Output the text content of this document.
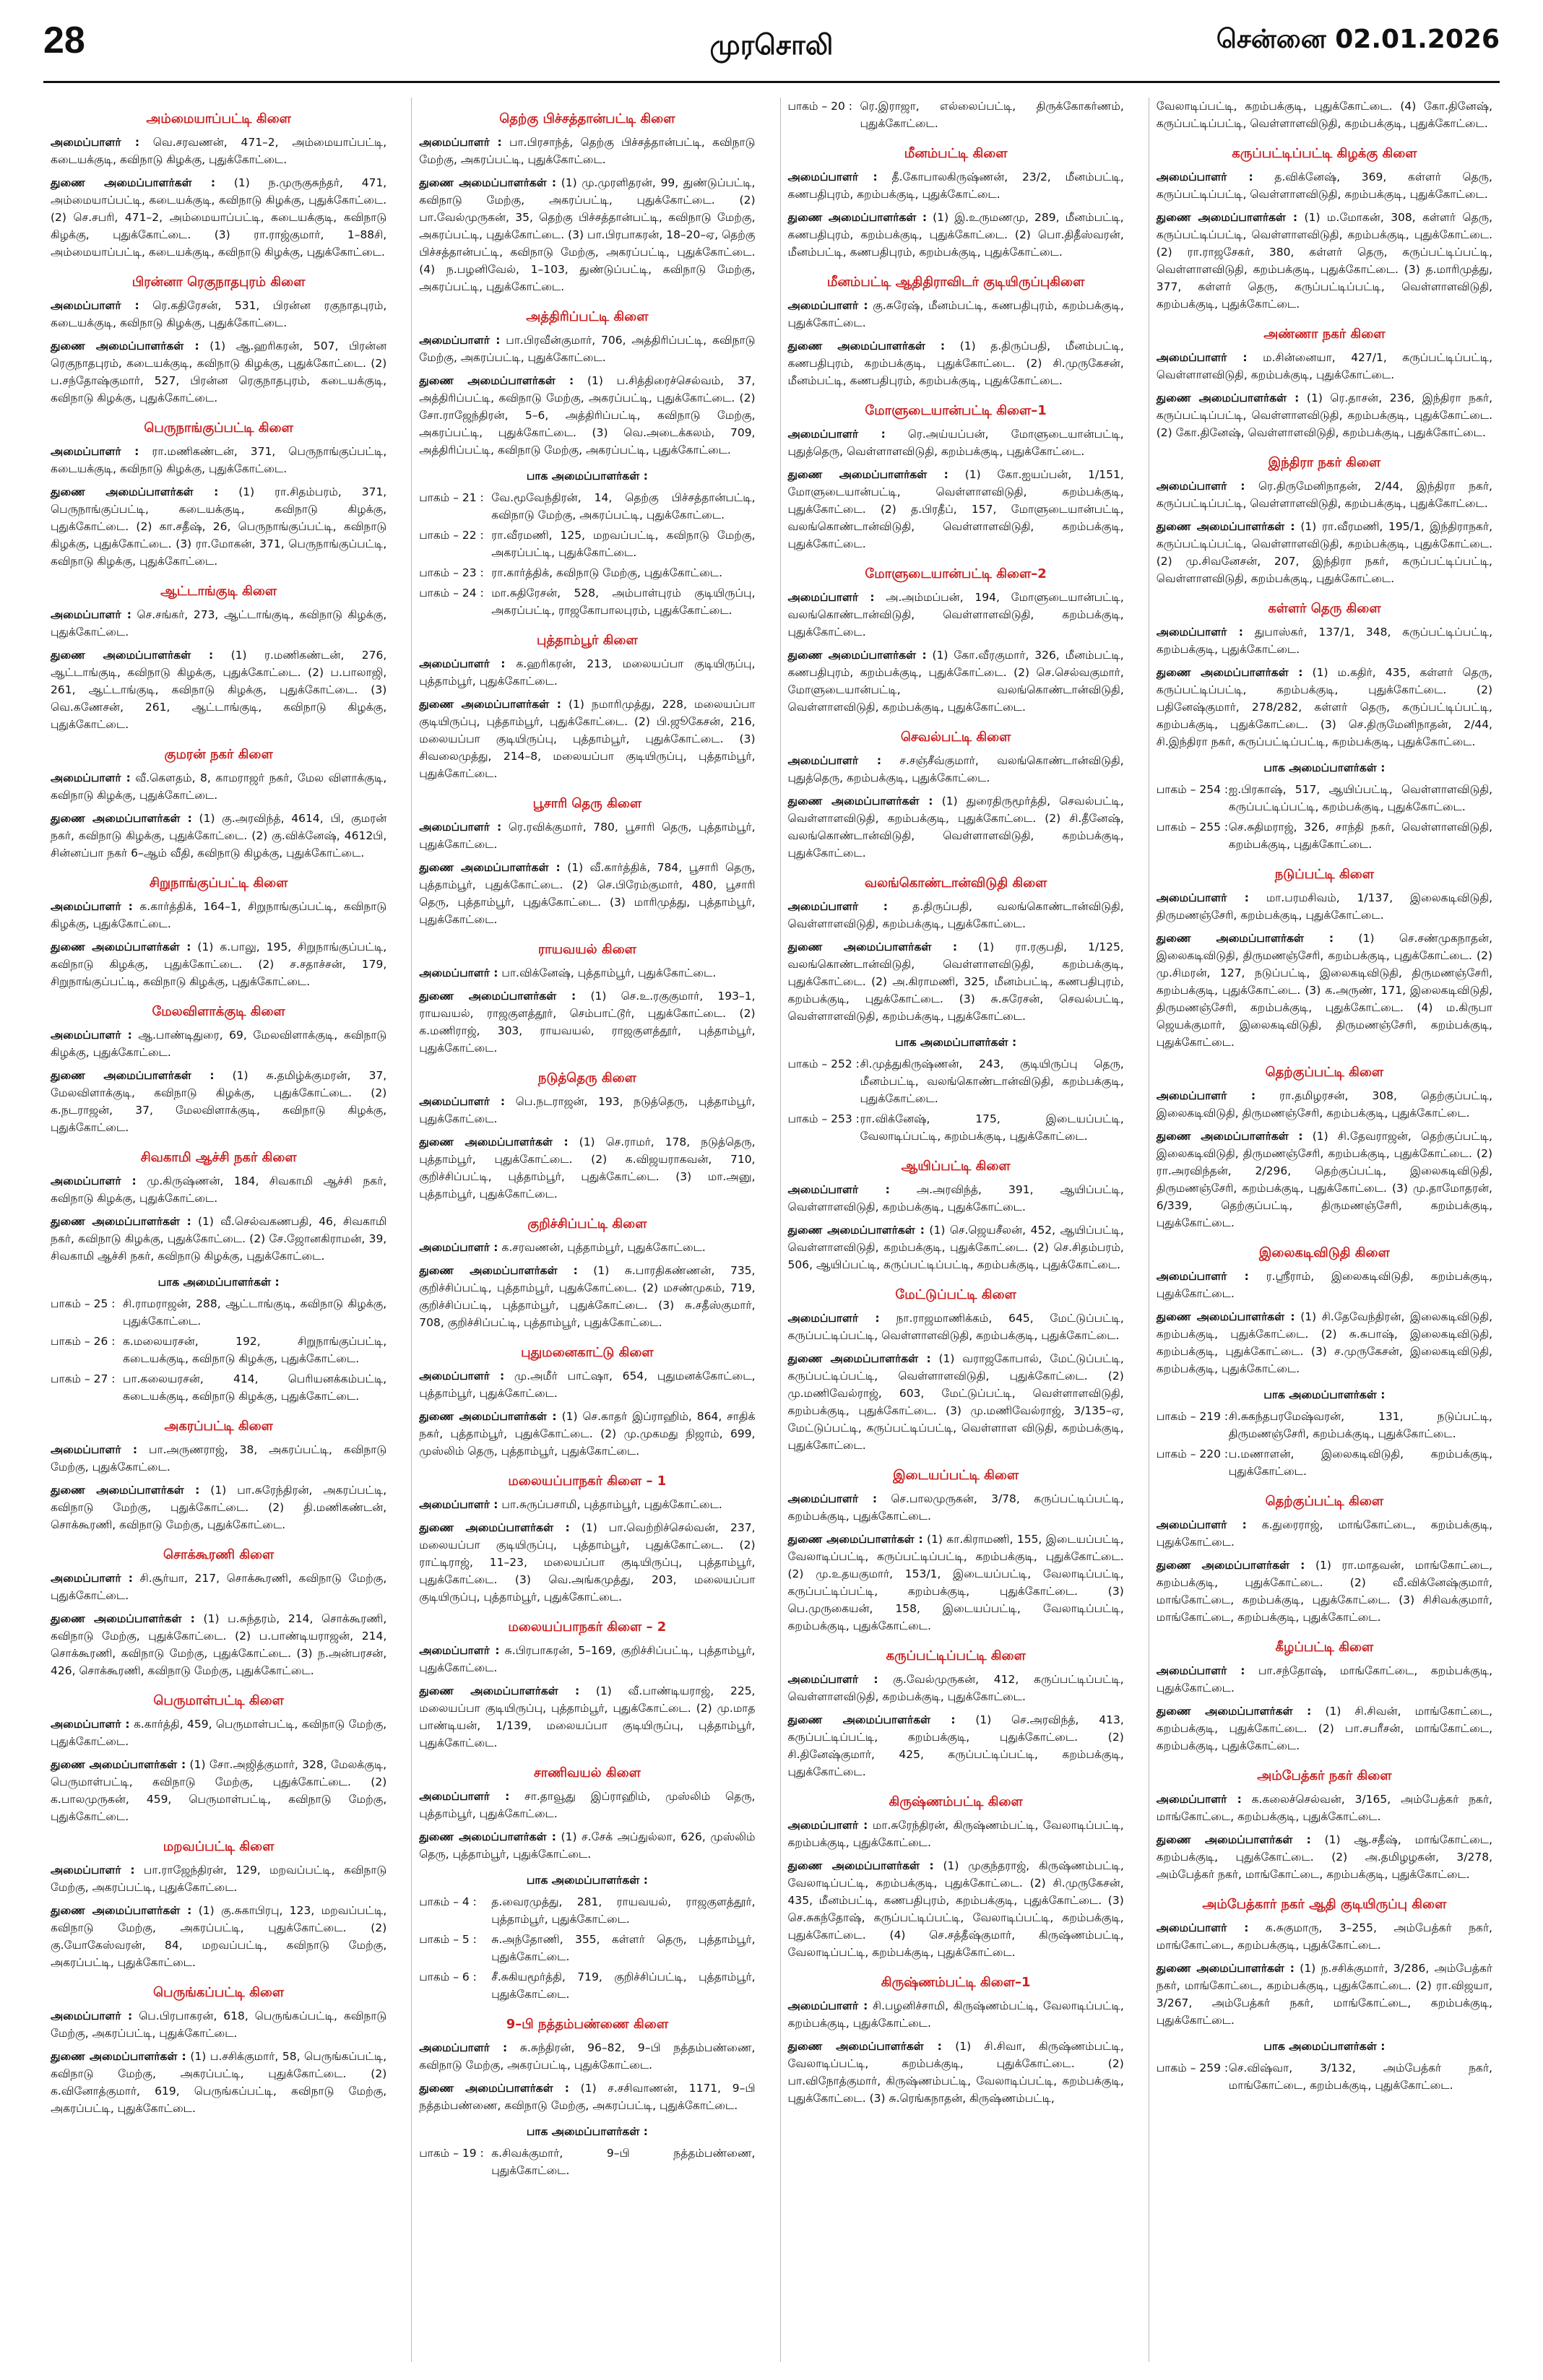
28	முரசொலி	சென்னை 02.01.2026
அம்மையாப்பட்டி கிளை

அமைப்பாளர் : வெ.சரவணன், 471–2, அம்மையாப்பட்டி, கடையக்குடி, கவிநாடு கிழக்கு, புதுக்கோட்டை.

துணை அமைப்பாளர்கள் : (1) ந.முருகுசுந்தர், 471, அம்மையாப்பட்டி, கடையக்குடி, கவிநாடு கிழக்கு, புதுக்கோட்டை. (2) செ.சபரி, 471–2, அம்மையாப்பட்டி, கடையக்குடி, கவிநாடு கிழக்கு, புதுக்கோட்டை. (3) ரா.ராஜ்குமார், 1–88சி, அம்மையாப்பட்டி, கடையக்குடி, கவிநாடு கிழக்கு, புதுக்கோட்டை.

பிரன்னா ரெகுநாதபுரம் கிளை

அமைப்பாளர் : ரெ.கதிரேசன், 531, பிரன்ன ரகுநாதபுரம், கடையக்குடி, கவிநாடு கிழக்கு, புதுக்கோட்டை.

துணை அமைப்பாளர்கள் : (1) ஆ.ஹரிகரன், 507, பிரன்ன ரெகுநாதபுரம், கடையக்குடி, கவிநாடு கிழக்கு, புதுக்கோட்டை. (2) ப.சந்தோஷ்குமார், 527, பிரன்ன ரெகுநாதபுரம், கடையக்குடி, கவிநாடு கிழக்கு, புதுக்கோட்டை.

பெருநாங்குப்பட்டி கிளை

அமைப்பாளர் : ரா.மணிகண்டன், 371, பெருநாங்குப்பட்டி, கடையக்குடி, கவிநாடு கிழக்கு, புதுக்கோட்டை.

துணை அமைப்பாளர்கள் : (1) ரா.சிதம்பரம், 371, பெருநாங்குப்பட்டி, கடையக்குடி, கவிநாடு கிழக்கு, புதுக்கோட்டை. (2) கா.சதீஷ், 26, பெருநாங்குப்பட்டி, கவிநாடு கிழக்கு, புதுக்கோட்டை. (3) ரா.மோகன், 371, பெருநாங்குப்பட்டி, கவிநாடு கிழக்கு, புதுக்கோட்டை.

ஆட்டாங்குடி கிளை

அமைப்பாளர் : செ.சங்கர், 273, ஆட்டாங்குடி, கவிநாடு கிழக்கு, புதுக்கோட்டை.

துணை அமைப்பாளர்கள் : (1) ர.மணிகண்டன், 276, ஆட்டாங்குடி, கவிநாடு கிழக்கு, புதுக்கோட்டை. (2) ப.பாலாஜி, 261, ஆட்டாங்குடி, கவிநாடு கிழக்கு, புதுக்கோட்டை. (3) வெ.கணேசன், 261, ஆட்டாங்குடி, கவிநாடு கிழக்கு, புதுக்கோட்டை.

குமரன் நகர் கிளை

அமைப்பாளர் : வீ.கௌதம், 8, காமராஜர் நகர், மேல விளாக்குடி, கவிநாடு கிழக்கு, புதுக்கோட்டை.

துணை அமைப்பாளர்கள் : (1) கு.அரவிந்த், 4614, பி, குமரன் நகர், கவிநாடு கிழக்கு, புதுக்கோட்டை. (2) கு.விக்னேஷ், 4612பி, சின்னப்பா நகர் 6–ஆம் வீதி, கவிநாடு கிழக்கு, புதுக்கோட்டை.

சிறுநாங்குப்பட்டி கிளை

அமைப்பாளர் : க.கார்த்திக், 164–1, சிறுநாங்குப்பட்டி, கவிநாடு கிழக்கு, புதுக்கோட்டை.

துணை அமைப்பாளர்கள் : (1) க.பாலு, 195, சிறுநாங்குப்பட்டி, கவிநாடு கிழக்கு, புதுக்கோட்டை. (2) ச.சதாச்சன், 179, சிறுநாங்குப்பட்டி, கவிநாடு கிழக்கு, புதுக்கோட்டை.

மேலவிளாக்குடி கிளை

அமைப்பாளர் : ஆ.பாண்டிதுரை, 69, மேலவிளாக்குடி, கவிநாடு கிழக்கு, புதுக்கோட்டை.

துணை அமைப்பாளர்கள் : (1) சு.தமிழ்க்குமரன், 37, மேலவிளாக்குடி, கவிநாடு கிழக்கு, புதுக்கோட்டை. (2) க.நடராஜன், 37, மேலவிளாக்குடி, கவிநாடு கிழக்கு, புதுக்கோட்டை.

சிவகாமி ஆச்சி நகர் கிளை

அமைப்பாளர் : மு.கிருஷ்ணன், 184, சிவகாமி ஆச்சி நகர், கவிநாடு கிழக்கு, புதுக்கோட்டை.

துணை அமைப்பாளர்கள் : (1) வீ.செல்வகணபதி, 46, சிவகாமி நகர், கவிநாடு கிழக்கு, புதுக்கோட்டை. (2) சே.ஜோனகிராமன், 39, சிவகாமி ஆச்சி நகர், கவிநாடு கிழக்கு, புதுக்கோட்டை.

பாக அமைப்பாளர்கள் :
பாகம் – 25 : சி.ராமராஜன், 288, ஆட்டாங்குடி, கவிநாடு கிழக்கு, புதுக்கோட்டை.
பாகம் – 26 : க.மலையரசன், 192, சிறுநாங்குப்பட்டி, கடையக்குடி, கவிநாடு கிழக்கு, புதுக்கோட்டை.
பாகம் – 27 : பா.கலையரசன், 414, பெரியனக்கம்பட்டி, கடையக்குடி, கவிநாடு கிழக்கு, புதுக்கோட்டை.
அகரப்பட்டி கிளை

அமைப்பாளர் : பா.அருணராஜ், 38, அகரப்பட்டி, கவிநாடு மேற்கு, புதுக்கோட்டை.

துணை அமைப்பாளர்கள் : (1) பா.சுரேந்திரன், அகரப்பட்டி, கவிநாடு மேற்கு, புதுக்கோட்டை. (2) தி.மணிகண்டன், சொக்கூரணி, கவிநாடு மேற்கு, புதுக்கோட்டை.

சொக்கூரணி கிளை

அமைப்பாளர் : சி.சூர்யா, 217, சொக்கூரணி, கவிநாடு மேற்கு, புதுக்கோட்டை.

துணை அமைப்பாளர்கள் : (1) ப.சுந்தரம், 214, சொக்கூரணி, கவிநாடு மேற்கு, புதுக்கோட்டை. (2) ப.பாண்டியராஜன், 214, சொக்கூரணி, கவிநாடு மேற்கு, புதுக்கோட்டை. (3) ந.அன்பரசன், 426, சொக்கூரணி, கவிநாடு மேற்கு, புதுக்கோட்டை.

பெருமாள்பட்டி கிளை

அமைப்பாளர் : க.கார்த்தி, 459, பெருமாள்பட்டி, கவிநாடு மேற்கு, புதுக்கோட்டை.

துணை அமைப்பாளர்கள் : (1) சோ.அஜித்குமார், 328, மேலக்குடி, பெருமாள்பட்டி, கவிநாடு மேற்கு, புதுக்கோட்டை. (2) க.பாலமுருகன், 459, பெருமாள்பட்டி, கவிநாடு மேற்கு, புதுக்கோட்டை.

மறவப்பட்டி கிளை

அமைப்பாளர் : பா.ராஜேந்திரன், 129, மறவப்பட்டி, கவிநாடு மேற்கு, அகரப்பட்டி, புதுக்கோட்டை.

துணை அமைப்பாளர்கள் : (1) கு.சுகாபிரபு, 123, மறவப்பட்டி, கவிநாடு மேற்கு, அகரப்பட்டி, புதுக்கோட்டை. (2) கு.யோகேஸ்வரன், 84, மறவப்பட்டி, கவிநாடு மேற்கு, அகரப்பட்டி, புதுக்கோட்டை.

பெருங்கப்பட்டி கிளை

அமைப்பாளர் : பெ.பிரபாகரன், 618, பெருங்கப்பட்டி, கவிநாடு மேற்கு, அகரப்பட்டி, புதுக்கோட்டை.

துணை அமைப்பாளர்கள் : (1) ப.சசிக்குமார், 58, பெருங்கப்பட்டி, கவிநாடு மேற்கு, அகரப்பட்டி, புதுக்கோட்டை. (2) க.வினோத்குமார், 619, பெருங்கப்பட்டி, கவிநாடு மேற்கு, அகரப்பட்டி, புதுக்கோட்டை.

தெற்கு பிச்சத்தான்பட்டி கிளை

அமைப்பாளர் : பா.பிரசாந்த், தெற்கு பிச்சத்தான்பட்டி, கவிநாடு மேற்கு, அகரப்பட்டி, புதுக்கோட்டை.

துணை அமைப்பாளர்கள் : (1) மு.முரளிதரன், 99, துண்டுப்பட்டி, கவிநாடு மேற்கு, அகரப்பட்டி, புதுக்கோட்டை. (2) பா.வேல்முருகன், 35, தெற்கு பிச்சத்தான்பட்டி, கவிநாடு மேற்கு, அகரப்பட்டி, புதுக்கோட்டை. (3) பா.பிரபாகரன், 18–20–ஏ, தெற்கு பிச்சத்தான்பட்டி, கவிநாடு மேற்கு, அகரப்பட்டி, புதுக்கோட்டை. (4) ந.பழனிவேல், 1–103, துண்டுப்பட்டி, கவிநாடு மேற்கு, அகரப்பட்டி, புதுக்கோட்டை.

அத்திரிப்பட்டி கிளை

அமைப்பாளர் : பா.பிரவீன்குமார், 706, அத்திரிப்பட்டி, கவிநாடு மேற்கு, அகரப்பட்டி, புதுக்கோட்டை.

துணை அமைப்பாளர்கள் : (1) ப.சித்திரைச்செல்வம், 37, அத்திரிப்பட்டி, கவிநாடு மேற்கு, அகரப்பட்டி, புதுக்கோட்டை. (2) சோ.ராஜேந்திரன், 5–6, அத்திரிப்பட்டி, கவிநாடு மேற்கு, அகரப்பட்டி, புதுக்கோட்டை. (3) வெ.அடைக்கலம், 709, அத்திரிப்பட்டி, கவிநாடு மேற்கு, அகரப்பட்டி, புதுக்கோட்டை.

பாக அமைப்பாளர்கள் :
பாகம் – 21 : வே.மூவேந்திரன், 14, தெற்கு பிச்சத்தான்பட்டி, கவிநாடு மேற்கு, அகரப்பட்டி, புதுக்கோட்டை.
பாகம் – 22 : ரா.வீரமணி, 125, மறவப்பட்டி, கவிநாடு மேற்கு, அகரப்பட்டி, புதுக்கோட்டை.
பாகம் – 23 : ரா.கார்த்திக், கவிநாடு மேற்கு, புதுக்கோட்டை.
பாகம் – 24 : மா.சுதிரேசன், 528, அம்பாள்புரம் குடியிருப்பு, அகரப்பட்டி, ராஜகோபாலபுரம், புதுக்கோட்டை.
புத்தாம்பூர் கிளை

அமைப்பாளர் : க.ஹரிகரன், 213, மலையப்பா குடியிருப்பு, புத்தாம்பூர், புதுக்கோட்டை.

துணை அமைப்பாளர்கள் : (1) நமாரிமுத்து, 228, மலையப்பா குடியிருப்பு, புத்தாம்பூர், புதுக்கோட்டை. (2) பி.ஜூகேசன், 216, மலையப்பா குடியிருப்பு, புத்தாம்பூர், புதுக்கோட்டை. (3) சிவலைமுத்து, 214–8, மலையப்பா குடியிருப்பு, புத்தாம்பூர், புதுக்கோட்டை.

பூசாரி தெரு கிளை

அமைப்பாளர் : ரெ.ரவிக்குமார், 780, பூசாரி தெரு, புத்தாம்பூர், புதுக்கோட்டை.

துணை அமைப்பாளர்கள் : (1) வீ.கார்த்திக், 784, பூசாரி தெரு, புத்தாம்பூர், புதுக்கோட்டை. (2) செ.பிரேம்குமார், 480, பூசாரி தெரு, புத்தாம்பூர், புதுக்கோட்டை. (3) மாரிமுத்து, புத்தாம்பூர், புதுக்கோட்டை.

ராயவயல் கிளை

அமைப்பாளர் : பா.விக்னேஷ், புத்தாம்பூர், புதுக்கோட்டை.

துணை அமைப்பாளர்கள் : (1) செ.உ.ரகுகுமார், 193–1, ராயவயல், ராஜகுளத்தூர், செம்பாட்டூர், புதுக்கோட்டை. (2) க.மணிராஜ், 303, ராயவயல், ராஜகுளத்தூர், புத்தாம்பூர், புதுக்கோட்டை.

நடுத்தெரு கிளை

அமைப்பாளர் : பெ.நடராஜன், 193, நடுத்தெரு, புத்தாம்பூர், புதுக்கோட்டை.

துணை அமைப்பாளர்கள் : (1) செ.ராமர், 178, நடுத்தெரு, புத்தாம்பூர், புதுக்கோட்டை. (2) க.விஜயராகவன், 710, குறிச்சிப்பட்டி, புத்தாம்பூர், புதுக்கோட்டை. (3) மா.அனு, புத்தாம்பூர், புதுக்கோட்டை.

குறிச்சிப்பட்டி கிளை

அமைப்பாளர் : க.சரவணன், புத்தாம்பூர், புதுக்கோட்டை.

துணை அமைப்பாளர்கள் : (1) சு.பாரதிகண்ணன், 735, குறிச்சிப்பட்டி, புத்தாம்பூர், புதுக்கோட்டை. (2) மசண்முகம், 719, குறிச்சிப்பட்டி, புத்தாம்பூர், புதுக்கோட்டை. (3) சு.சதீஸ்குமார், 708, குறிச்சிப்பட்டி, புத்தாம்பூர், புதுக்கோட்டை.

புதுமனைகாட்டு கிளை

அமைப்பாளர் : மு.அமீர் பாட்ஷா, 654, புதுமனக்கோட்டை, புத்தாம்பூர், புதுக்கோட்டை.

துணை அமைப்பாளர்கள் : (1) செ.காதர் இப்ராஹிம், 864, சாதிக் நகர், புத்தாம்பூர், புதுக்கோட்டை. (2) மு.முகமது நிஜாம், 699, முஸ்லிம் தெரு, புத்தாம்பூர், புதுக்கோட்டை.

மலையப்பாநகர் கிளை – 1

அமைப்பாளர் : பா.சுருப்பசாமி, புத்தாம்பூர், புதுக்கோட்டை.

துணை அமைப்பாளர்கள் : (1) பா.வெற்றிச்செல்வன், 237, மலையப்பா குடியிருப்பு, புத்தாம்பூர், புதுக்கோட்டை. (2) ராட்டிராஜ், 11–23, மலையப்பா குடியிருப்பு, புத்தாம்பூர், புதுக்கோட்டை. (3) வெ.அங்கமுத்து, 203, மலையப்பா குடியிருப்பு, புத்தாம்பூர், புதுக்கோட்டை.

மலையப்பாநகர் கிளை – 2

அமைப்பாளர் : சு.பிரபாகரன், 5–169, குறிச்சிப்பட்டி, புத்தாம்பூர், புதுக்கோட்டை.

துணை அமைப்பாளர்கள் : (1) வீ.பாண்டியராஜ், 225, மலையப்பா குடியிருப்பு, புத்தாம்பூர், புதுக்கோட்டை. (2) மு.மாத பாண்டியன், 1/139, மலையப்பா குடியிருப்பு, புத்தாம்பூர், புதுக்கோட்டை.

சாணிவயல் கிளை

அமைப்பாளர் : சா.தாவூது இப்ராஹிம், முஸ்லிம் தெரு, புத்தாம்பூர், புதுக்கோட்டை.

துணை அமைப்பாளர்கள் : (1) ச.சேக் அப்துல்லா, 626, முஸ்லிம் தெரு, புத்தாம்பூர், புதுக்கோட்டை.

பாக அமைப்பாளர்கள் :
பாகம் – 4 :	த.வைரமுத்து, 281, ராயவயல், ராஜகுளத்தூர், புத்தாம்பூர், புதுக்கோட்டை.
பாகம் – 5 :	சு.அந்தோணி, 355, கள்ளர் தெரு, புத்தாம்பூர், புதுக்கோட்டை.
பாகம் – 6 :	சீ.சுகியமூர்த்தி, 719, குறிச்சிப்பட்டி, புத்தாம்பூர், புதுக்கோட்டை.
9–பி நத்தம்பண்ணை கிளை

அமைப்பாளர் : சு.சுந்திரன், 96–82, 9–பி நத்தம்பண்ணை, கவிநாடு மேற்கு, அகரப்பட்டி, புதுக்கோட்டை.

துணை அமைப்பாளர்கள் : (1) ச.சசிவாணன், 1171, 9–பி நத்தம்பண்ணை, கவிநாடு மேற்கு, அகரப்பட்டி, புதுக்கோட்டை.

பாக அமைப்பாளர்கள் :
பாகம் – 19 : க.சிவக்குமார், 9–பி நத்தம்பண்ணை, புதுக்கோட்டை.
பாகம் – 20 : ரெ.இராஜா, எல்லைப்பட்டி, திருக்கோகர்ணம், புதுக்கோட்டை.
மீனம்பட்டி கிளை

அமைப்பாளர் : தீ.கோபாலகிருஷ்ணன், 23/2, மீனம்பட்டி, கணபதிபுரம், கறம்பக்குடி, புதுக்கோட்டை.

துணை அமைப்பாளர்கள் : (1) இ.உருமணமு, 289, மீனம்பட்டி, கணபதிபுரம், கறம்பக்குடி, புதுக்கோட்டை. (2) பொ.திதீஸ்வரன், மீனம்பட்டி, கணபதிபுரம், கறம்பக்குடி, புதுக்கோட்டை.

மீனம்பட்டி ஆதிதிராவிடர் குடியிருப்புகிளை

அமைப்பாளர் : கு.சுரேஷ், மீனம்பட்டி, கணபதிபுரம், கறம்பக்குடி, புதுக்கோட்டை.

துணை அமைப்பாளர்கள் : (1) த.திருப்பதி, மீனம்பட்டி, கணபதிபுரம், கறம்பக்குடி, புதுக்கோட்டை. (2) சி.முருகேசன், மீனம்பட்டி, கணபதிபுரம், கறம்பக்குடி, புதுக்கோட்டை.

மோளுடையான்பட்டி கிளை–1

அமைப்பாளர் : ரெ.அய்யப்பன், மோளுடையான்பட்டி, புதுத்தெரு, வெள்ளாளவிடுதி, கறம்பக்குடி, புதுக்கோட்டை.

துணை அமைப்பாளர்கள் : (1) கோ.ஐயப்பன், 1/151, மோளுடையான்பட்டி, வெள்ளாளவிடுதி, கறம்பக்குடி, புதுக்கோட்டை. (2) த.பிரதீப், 157, மோளுடையான்பட்டி, வலங்கொண்டான்விடுதி, வெள்ளாளவிடுதி, கறம்பக்குடி, புதுக்கோட்டை.

மோளுடையான்பட்டி கிளை–2

அமைப்பாளர் : அ.அம்மப்பன், 194, மோளுடையான்பட்டி, வலங்கொண்டான்விடுதி, வெள்ளாளவிடுதி, கறம்பக்குடி, புதுக்கோட்டை.

துணை அமைப்பாளர்கள் : (1) கோ.வீரகுமார், 326, மீனம்பட்டி, கணபதிபுரம், கறம்பக்குடி, புதுக்கோட்டை. (2) செ.செல்வகுமார், மோளுடையான்பட்டி, வலங்கொண்டான்விடுதி, வெள்ளாளவிடுதி, கறம்பக்குடி, புதுக்கோட்டை.

செவல்பட்டி கிளை

அமைப்பாளர் : ச.சஞ்சீவ்குமார், வலங்கொண்டான்விடுதி, புதுத்தெரு, கறம்பக்குடி, புதுக்கோட்டை.

துணை அமைப்பாளர்கள் : (1) துரைதிருமூர்த்தி, செவல்பட்டி, வெள்ளாளவிடுதி, கறம்பக்குடி, புதுக்கோட்டை. (2) சி.தீனேஷ், வலங்கொண்டான்விடுதி, வெள்ளாளவிடுதி, கறம்பக்குடி, புதுக்கோட்டை.

வலங்கொண்டான்விடுதி கிளை

அமைப்பாளர் : த.திருப்பதி, வலங்கொண்டான்விடுதி, வெள்ளாளவிடுதி, கறம்பக்குடி, புதுக்கோட்டை.

துணை அமைப்பாளர்கள் : (1) ரா.ரகுபதி, 1/125, வலங்கொண்டான்விடுதி, வெள்ளாளவிடுதி, கறம்பக்குடி, புதுக்கோட்டை. (2) அ.கிராமணி, 325, மீனம்பட்டி, கணபதிபுரம், கறம்பக்குடி, புதுக்கோட்டை. (3) சு.சுரேசன், செவல்பட்டி, வெள்ளாளவிடுதி, கறம்பக்குடி, புதுக்கோட்டை.

பாக அமைப்பாளர்கள் :
பாகம் – 252 : சி.முத்துகிருஷ்ணன், 243, குடியிருப்பு தெரு, மீனம்பட்டி, வலங்கொண்டான்விடுதி, கறம்பக்குடி, புதுக்கோட்டை.
பாகம் – 253 : ரா.விக்னேஷ், 175, இடையப்பட்டி, வேலாடிப்பட்டி, கறம்பக்குடி, புதுக்கோட்டை.
ஆயிப்பட்டி கிளை

அமைப்பாளர் : அ.அரவிந்த், 391, ஆயிப்பட்டி, வெள்ளாளவிடுதி, கறம்பக்குடி, புதுக்கோட்டை.

துணை அமைப்பாளர்கள் : (1) செ.ஜெயசீலன், 452, ஆயிப்பட்டி, வெள்ளாளவிடுதி, கறம்பக்குடி, புதுக்கோட்டை. (2) செ.சிதம்பரம், 506, ஆயிப்பட்டி, கருப்பட்டிப்பட்டி, கறம்பக்குடி, புதுக்கோட்டை.

மேட்டுப்பட்டி கிளை

அமைப்பாளர் : நா.ராஜமாணிக்கம், 645, மேட்டுப்பட்டி, கருப்பட்டிப்பட்டி, வெள்ளாளவிடுதி, கறம்பக்குடி, புதுக்கோட்டை.

துணை அமைப்பாளர்கள் : (1) வராஜகோபால், மேட்டுப்பட்டி, கருப்பட்டிப்பட்டி, வெள்ளாளவிடுதி, புதுக்கோட்டை. (2) மு.மணிவேல்ராஜ், 603, மேட்டுப்பட்டி, வெள்ளாளவிடுதி, கறம்பக்குடி, புதுக்கோட்டை. (3) மு.மணிவேல்ராஜ், 3/135–ஏ, மேட்டுப்பட்டி, கருப்பட்டிப்பட்டி, வெள்ளாள விடுதி, கறம்பக்குடி, புதுக்கோட்டை.

இடையப்பட்டி கிளை

அமைப்பாளர் : செ.பாலமுருகன், 3/78, கருப்பட்டிப்பட்டி, கறம்பக்குடி, புதுக்கோட்டை.

துணை அமைப்பாளர்கள் : (1) கா.கிராமணி, 155, இடையப்பட்டி, வேலாடிப்பட்டி, கருப்பட்டிப்பட்டி, கறம்பக்குடி, புதுக்கோட்டை. (2) மு.உதயகுமார், 153/1, இடையப்பட்டி, வேலாடிப்பட்டி, கருப்பட்டிப்பட்டி, கறம்பக்குடி, புதுக்கோட்டை. (3) பெ.முருகையன், 158, இடையப்பட்டி, வேலாடிப்பட்டி, கறம்பக்குடி, புதுக்கோட்டை.

கருப்பட்டிப்பட்டி கிளை

அமைப்பாளர் : கு.வேல்முருகன், 412, கருப்பட்டிப்பட்டி, வெள்ளாளவிடுதி, கறம்பக்குடி, புதுக்கோட்டை.

துணை அமைப்பாளர்கள் : (1) செ.அரவிந்த், 413, கருப்பட்டிப்பட்டி, கறம்பக்குடி, புதுக்கோட்டை. (2) சி.தினேஷ்குமார், 425, கருப்பட்டிப்பட்டி, கறம்பக்குடி, புதுக்கோட்டை.

கிருஷ்ணம்பட்டி கிளை

அமைப்பாளர் : மா.சுரேந்திரன், கிருஷ்ணம்பட்டி, வேலாடிப்பட்டி, கறம்பக்குடி, புதுக்கோட்டை.

துணை அமைப்பாளர்கள் : (1) முகுந்தராஜ், கிருஷ்ணம்பட்டி, வேலாடிப்பட்டி, கறம்பக்குடி, புதுக்கோட்டை. (2) சி.முருகேசன், 435, மீனம்பட்டி, கணபதிபுரம், கறம்பக்குடி, புதுக்கோட்டை. (3) செ.சுகந்தோஷ், கருப்பட்டிப்பட்டி, வேலாடிப்பட்டி, கறம்பக்குடி, புதுக்கோட்டை. (4) செ.சத்தீஷ்குமார், கிருஷ்ணம்பட்டி, வேலாடிப்பட்டி, கறம்பக்குடி, புதுக்கோட்டை.

கிருஷ்ணம்பட்டி கிளை–1

அமைப்பாளர் : சி.பழனிச்சாமி, கிருஷ்ணம்பட்டி, வேலாடிப்பட்டி, கறம்பக்குடி, புதுக்கோட்டை.

துணை அமைப்பாளர்கள் : (1) சி.சிவா, கிருஷ்ணம்பட்டி, வேலாடிப்பட்டி, கறம்பக்குடி, புதுக்கோட்டை. (2) பா.விநோத்குமார், கிருஷ்ணம்பட்டி, வேலாடிப்பட்டி, கறம்பக்குடி, புதுக்கோட்டை. (3) சு.ரெங்கநாதன், கிருஷ்ணம்பட்டி,

வேலாடிப்பட்டி, கறம்பக்குடி, புதுக்கோட்டை. (4) கோ.தினேஷ், கருப்பட்டிப்பட்டி, வெள்ளாளவிடுதி, கறம்பக்குடி, புதுக்கோட்டை.

கருப்பட்டிப்பட்டி கிழக்கு கிளை

அமைப்பாளர் : த.விக்னேஷ், 369, கள்ளர் தெரு, கருப்பட்டிப்பட்டி, வெள்ளாளவிடுதி, கறம்பக்குடி, புதுக்கோட்டை.

துணை அமைப்பாளர்கள் : (1) ம.மோகன், 308, கள்ளர் தெரு, கருப்பட்டிப்பட்டி, வெள்ளாளவிடுதி, கறம்பக்குடி, புதுக்கோட்டை. (2) ரா.ராஜசேகர், 380, கள்ளர் தெரு, கருப்பட்டிப்பட்டி, வெள்ளாளவிடுதி, கறம்பக்குடி, புதுக்கோட்டை. (3) த.மாரிமுத்து, 377, கள்ளர் தெரு, கருப்பட்டிப்பட்டி, வெள்ளாளவிடுதி, கறம்பக்குடி, புதுக்கோட்டை.

அண்ணா நகர் கிளை

அமைப்பாளர் : ம.சின்னையா, 427/1, கருப்பட்டிப்பட்டி, வெள்ளாளவிடுதி, கறம்பக்குடி, புதுக்கோட்டை.

துணை அமைப்பாளர்கள் : (1) ரெ.தாசன், 236, இந்திரா நகர், கருப்பட்டிப்பட்டி, வெள்ளாளவிடுதி, கறம்பக்குடி, புதுக்கோட்டை. (2) கோ.தினேஷ், வெள்ளாளவிடுதி, கறம்பக்குடி, புதுக்கோட்டை.

இந்திரா நகர் கிளை

அமைப்பாளர் : ரெ.திருமேனிநாதன், 2/44, இந்திரா நகர், கருப்பட்டிப்பட்டி, வெள்ளாளவிடுதி, கறம்பக்குடி, புதுக்கோட்டை.

துணை அமைப்பாளர்கள் : (1) ரா.வீரமணி, 195/1, இந்திராநகர், கருப்பட்டிப்பட்டி, வெள்ளாளவிடுதி, கறம்பக்குடி, புதுக்கோட்டை. (2) மு.சிவனேசன், 207, இந்திரா நகர், கருப்பட்டிப்பட்டி, வெள்ளாளவிடுதி, கறம்பக்குடி, புதுக்கோட்டை.

கள்ளர் தெரு கிளை

அமைப்பாளர் : துபாஸ்கர், 137/1, 348, கருப்பட்டிப்பட்டி, கறம்பக்குடி, புதுக்கோட்டை.

துணை அமைப்பாளர்கள் : (1) ம.கதிர், 435, கள்ளர் தெரு, கருப்பட்டிப்பட்டி, கறம்பக்குடி, புதுக்கோட்டை. (2) பதினேஷ்குமார், 278/282, கள்ளர் தெரு, கருப்பட்டிப்பட்டி, கறம்பக்குடி, புதுக்கோட்டை. (3) செ.திருமேனிநாதன், 2/44, சி.இந்திரா நகர், கருப்பட்டிப்பட்டி, கறம்பக்குடி, புதுக்கோட்டை.

பாக அமைப்பாளர்கள் :
பாகம் – 254 : ஐ.பிரகாஷ், 517, ஆயிப்பட்டி, வெள்ளாளவிடுதி, கருப்பட்டிப்பட்டி, கறம்பக்குடி, புதுக்கோட்டை.
பாகம் – 255 : செ.சுதிமராஜ், 326, சாந்தி நகர், வெள்ளாளவிடுதி, கறம்பக்குடி, புதுக்கோட்டை.
நடுப்பட்டி கிளை

அமைப்பாளர் : மா.பரமசிவம், 1/137, இலைகடிவிடுதி, திருமணஞ்சேரி, கறம்பக்குடி, புதுக்கோட்டை.

துணை அமைப்பாளர்கள் : (1) செ.சண்முகநாதன், இலைகடிவிடுதி, திருமணஞ்சேரி, கறம்பக்குடி, புதுக்கோட்டை. (2) மு.சிமரன், 127, நடுப்பட்டி, இலைகடிவிடுதி, திருமணஞ்சேரி, கறம்பக்குடி, புதுக்கோட்டை. (3) க.அருண், 171, இலைகடிவிடுதி, திருமணஞ்சேரி, கறம்பக்குடி, புதுக்கோட்டை. (4) ம.கிருபா ஜெயக்குமார், இலைகடிவிடுதி, திருமணஞ்சேரி, கறம்பக்குடி, புதுக்கோட்டை.

தெற்குப்பட்டி கிளை

அமைப்பாளர் : ரா.தமிழரசன், 308, தெற்குப்பட்டி, இலைகடிவிடுதி, திருமணஞ்சேரி, கறம்பக்குடி, புதுக்கோட்டை.

துணை அமைப்பாளர்கள் : (1) சி.தேவராஜன், தெற்குப்பட்டி, இலைகடிவிடுதி, திருமணஞ்சேரி, கறம்பக்குடி, புதுக்கோட்டை. (2) ரா.அரவிந்தன், 2/296, தெற்குப்பட்டி, இலைகடிவிடுதி, திருமணஞ்சேரி, கறம்பக்குடி, புதுக்கோட்டை. (3) மு.தாமோதரன், 6/339, தெற்குப்பட்டி, திருமணஞ்சேரி, கறம்பக்குடி, புதுக்கோட்டை.

இலைகடிவிடுதி கிளை

அமைப்பாளர் : ர.ஸ்ரீராம், இலைகடிவிடுதி, கறம்பக்குடி, புதுக்கோட்டை.

துணை அமைப்பாளர்கள் : (1) சி.தேவேந்திரன், இலைகடிவிடுதி, கறம்பக்குடி, புதுக்கோட்டை. (2) சு.சுபாஷ், இலைகடிவிடுதி, கறம்பக்குடி, புதுக்கோட்டை. (3) ச.முருகேசன், இலைகடிவிடுதி, கறம்பக்குடி, புதுக்கோட்டை.

பாக அமைப்பாளர்கள் :
பாகம் – 219 : சி.சுகந்தபரமேஷ்வரன், 131, நடுப்பட்டி, திருமணஞ்சேரி, கறம்பக்குடி, புதுக்கோட்டை.
பாகம் – 220 : ப.மணாளன், இலைகடிவிடுதி, கறம்பக்குடி, புதுக்கோட்டை.
தெற்குப்பட்டி கிளை

அமைப்பாளர் : க.துரைராஜ், மாங்கோட்டை, கறம்பக்குடி, புதுக்கோட்டை.

துணை அமைப்பாளர்கள் : (1) ரா.மாதவன், மாங்கோட்டை, கறம்பக்குடி, புதுக்கோட்டை. (2) வீ.விக்னேஷ்குமார், மாங்கோட்டை, கறம்பக்குடி, புதுக்கோட்டை. (3) சிசிவக்குமார், மாங்கோட்டை, கறம்பக்குடி, புதுக்கோட்டை.

கீழப்பட்டி கிளை

அமைப்பாளர் : பா.சந்தோஷ், மாங்கோட்டை, கறம்பக்குடி, புதுக்கோட்டை.

துணை அமைப்பாளர்கள் : (1) சி.சிவன், மாங்கோட்டை, கறம்பக்குடி, புதுக்கோட்டை. (2) பா.சபரீசன், மாங்கோட்டை, கறம்பக்குடி, புதுக்கோட்டை.

அம்பேத்கர் நகர் கிளை

அமைப்பாளர் : க.கலைச்செல்வன், 3/165, அம்பேத்கர் நகர், மாங்கோட்டை, கறம்பக்குடி, புதுக்கோட்டை.

துணை அமைப்பாளர்கள் : (1) ஆ.சதீஷ், மாங்கோட்டை, கறம்பக்குடி, புதுக்கோட்டை. (2) அ.தமிழழகன், 3/278, அம்பேத்கர் நகர், மாங்கோட்டை, கறம்பக்குடி, புதுக்கோட்டை.

அம்பேத்கார் நகர் ஆதி குடியிருப்பு கிளை

அமைப்பாளர் : க.சுகுமாரு, 3–255, அம்பேத்கர் நகர், மாங்கோட்டை, கறம்பக்குடி, புதுக்கோட்டை.

துணை அமைப்பாளர்கள் : (1) ந.சசிக்குமார், 3/286, அம்பேத்கர் நகர், மாங்கோட்டை, கறம்பக்குடி, புதுக்கோட்டை. (2) ரா.விஜயா, 3/267, அம்பேத்கர் நகர், மாங்கோட்டை, கறம்பக்குடி, புதுக்கோட்டை.

பாக அமைப்பாளர்கள் :
பாகம் – 259 : செ.விஷ்வா, 3/132, அம்பேத்கர் நகர், மாங்கோட்டை, கறம்பக்குடி, புதுக்கோட்டை.
